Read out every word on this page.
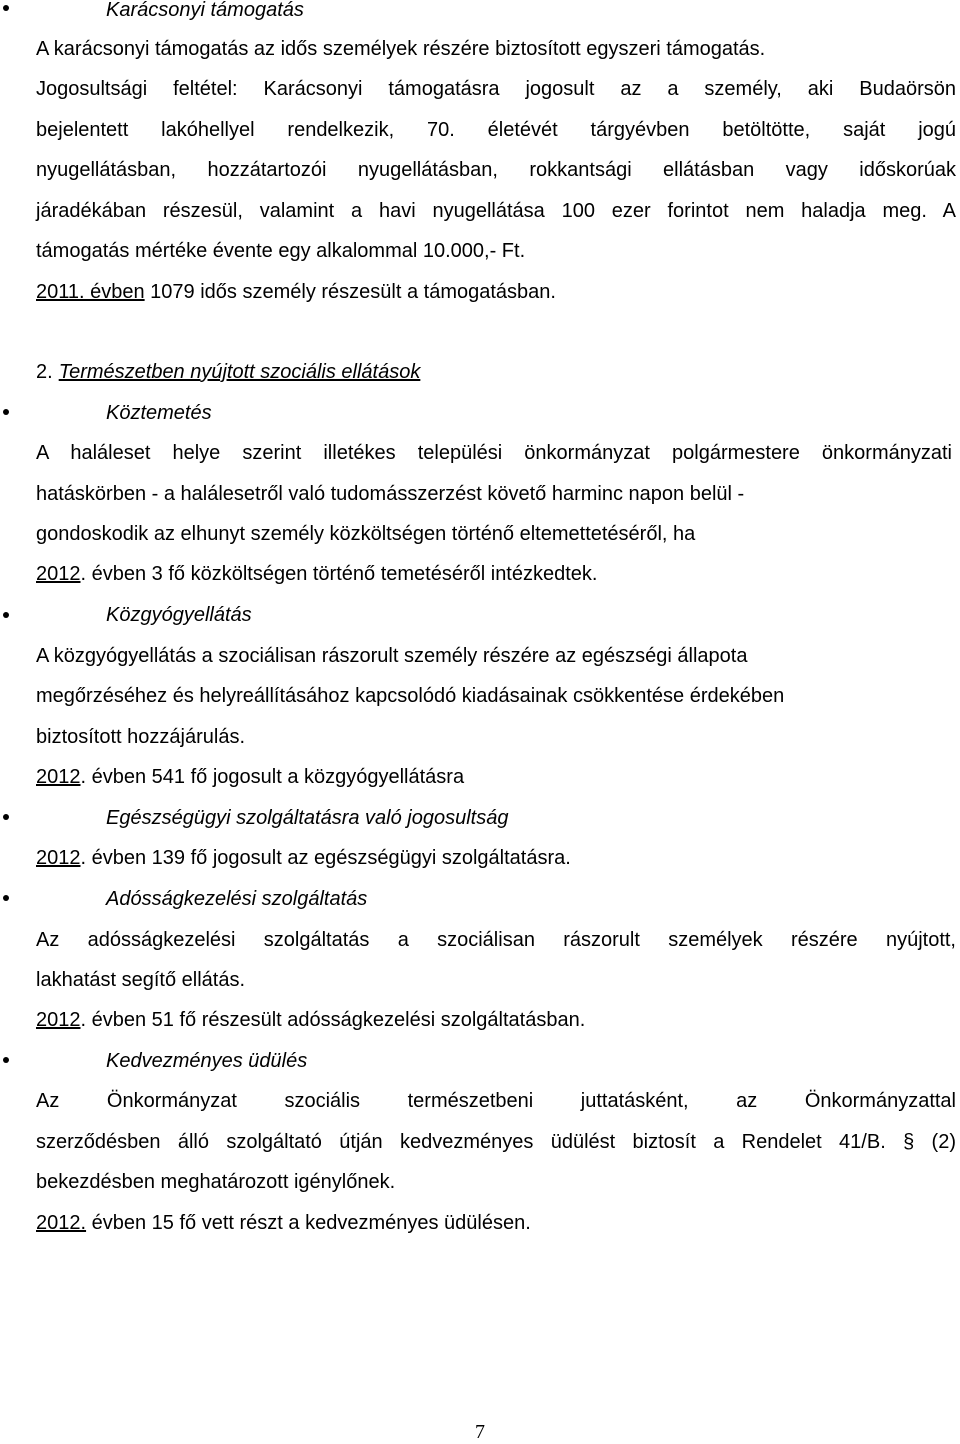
Karácsonyi támogatás
A karácsonyi támogatás az idős személyek részére biztosított egyszeri támogatás.
Jogosultsági feltétel: Karácsonyi támogatásra jogosult az a személy, aki Budaörsön
bejelentett lakóhellyel rendelkezik, 70. életévét tárgyévben betöltötte, saját jogú
nyugellátásban, hozzátartozói nyugellátásban, rokkantsági ellátásban vagy időskorúak
járadékában részesül, valamint a havi nyugellátása 100 ezer forintot nem haladja meg. A
támogatás mértéke évente egy alkalommal 10.000,- Ft.
2011. évben 1079 idős személy részesült a támogatásban.
2. Természetben nyújtott szociális ellátások
Köztemetés
A haláleset helye szerint illetékes települési önkormányzat polgármestere önkormányzati
hatáskörben - a halálesetről való tudomásszerzést követő harminc napon belül -
gondoskodik az elhunyt személy közköltségen történő eltemettetéséről, ha
2012. évben 3 fő közköltségen történő temetéséről intézkedtek.
Közgyógyellátás
A közgyógyellátás a szociálisan rászorult személy részére az egészségi állapota
megőrzéséhez és helyreállításához kapcsolódó kiadásainak csökkentése érdekében
biztosított hozzájárulás.
2012. évben 541 fő jogosult a közgyógyellátásra
Egészségügyi szolgáltatásra való jogosultság
2012. évben 139 fő jogosult az egészségügyi szolgáltatásra.
Adósságkezelési szolgáltatás
Az adósságkezelési szolgáltatás a szociálisan rászorult személyek részére nyújtott,
lakhatást segítő ellátás.
2012. évben 51 fő részesült adósságkezelési szolgáltatásban.
Kedvezményes üdülés
Az Önkormányzat szociális természetbeni juttatásként, az Önkormányzattal
szerződésben álló szolgáltató útján kedvezményes üdülést biztosít a Rendelet 41/B. § (2)
bekezdésben meghatározott igénylőnek.
2012. évben 15 fő vett részt a kedvezményes üdülésen.
7
